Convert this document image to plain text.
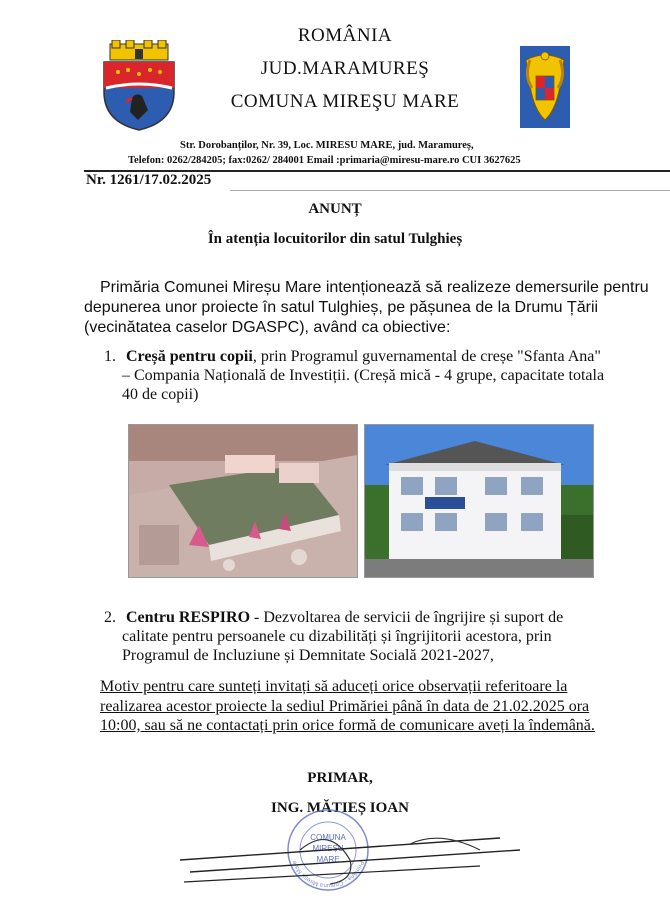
ROMÂNIA
JUD.MARAMUREŞ
COMUNA MIREŞU MARE
Str. Dorobanților, Nr. 39, Loc. MIRESU MARE, jud. Maramureș,
Telefon: 0262/284205; fax:0262/ 284001 Email :primaria@miresu-mare.ro CUI 3627625
Nr. 1261/17.02.2025
ANUNȚ
În atenția locuitorilor din satul Tulghieș
Primăria Comunei Mireșu Mare intenționează să realizeze demersurile pentru
depunerea unor proiecte în satul Tulghieș, pe pășunea de la Drumu Țării
(vecinătatea caselor DGASPC), având ca obiective:
1. Creșă pentru copii, prin Programul guvernamental de creșe "Sfanta Ana"
– Compania Națională de Investiții. (Creșă mică - 4 grupe, capacitate totala
40 de copii)
2. Centru RESPIRO - Dezvoltarea de servicii de îngrijire și suport de
calitate pentru persoanele cu dizabilități și îngrijitorii acestora, prin
Programul de Incluziune și Demnitate Socială 2021-2027,
Motiv pentru care sunteți invitați să aduceți orice observații referitoare la
realizarea acestor proiecte la sediul Primăriei până în data de 21.02.2025 ora
10:00, sau să ne contactați prin orice formă de comunicare aveți la îndemână.
PRIMAR,
ING. MĂTIEȘ IOAN
COMUNA
MIREȘU
MARE	Primăria - Comuna Mireșu Mare
